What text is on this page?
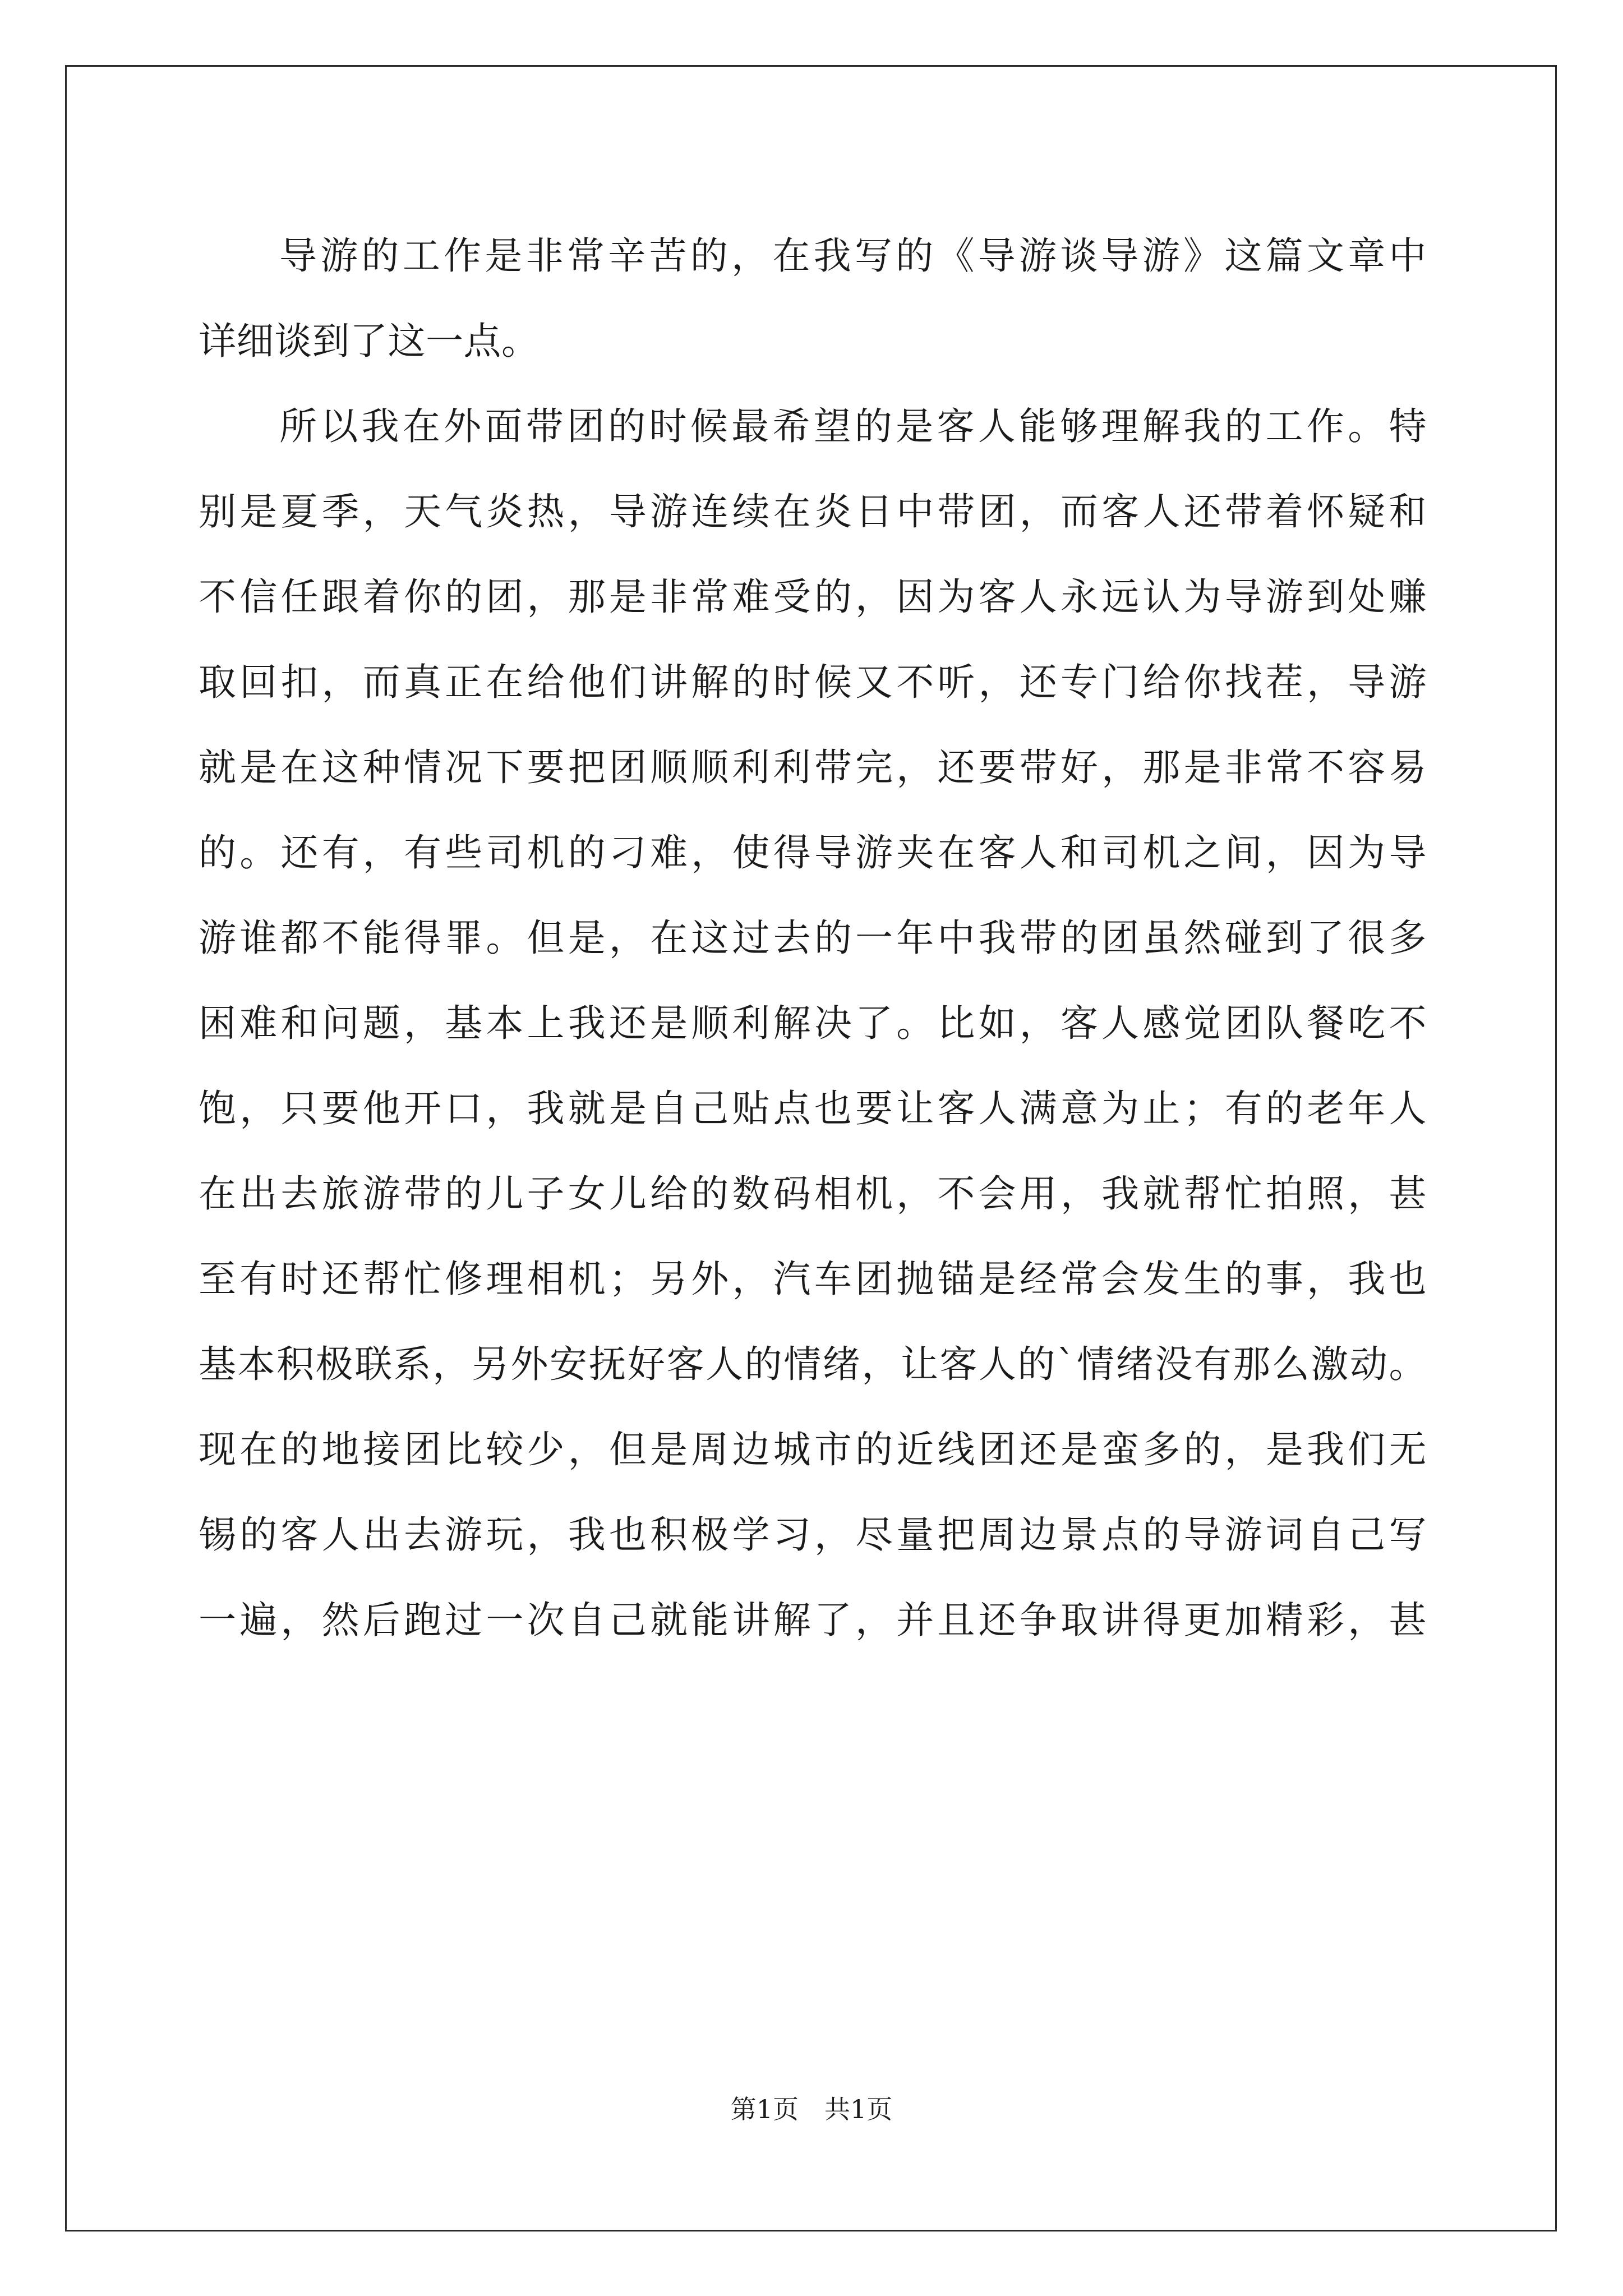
导游的工作是非常辛苦的，在我写的《导游谈导游》这篇文章中
详细谈到了这一点。
所以我在外面带团的时候最希望的是客人能够理解我的工作。特
别是夏季，天气炎热，导游连续在炎日中带团，而客人还带着怀疑和
不信任跟着你的团，那是非常难受的，因为客人永远认为导游到处赚
取回扣，而真正在给他们讲解的时候又不听，还专门给你找茬，导游
就是在这种情况下要把团顺顺利利带完，还要带好，那是非常不容易
的。还有，有些司机的刁难，使得导游夹在客人和司机之间，因为导
游谁都不能得罪。但是，在这过去的一年中我带的团虽然碰到了很多
困难和问题，基本上我还是顺利解决了。比如，客人感觉团队餐吃不
饱，只要他开口，我就是自己贴点也要让客人满意为止；有的老年人
在出去旅游带的儿子女儿给的数码相机，不会用，我就帮忙拍照，甚
至有时还帮忙修理相机；另外，汽车团抛锚是经常会发生的事，我也
基本积极联系，另外安抚好客人的情绪，让客人的`情绪没有那么激动。
现在的地接团比较少，但是周边城市的近线团还是蛮多的，是我们无
锡的客人出去游玩，我也积极学习，尽量把周边景点的导游词自己写
一遍，然后跑过一次自己就能讲解了，并且还争取讲得更加精彩，甚
第1页　共1页
